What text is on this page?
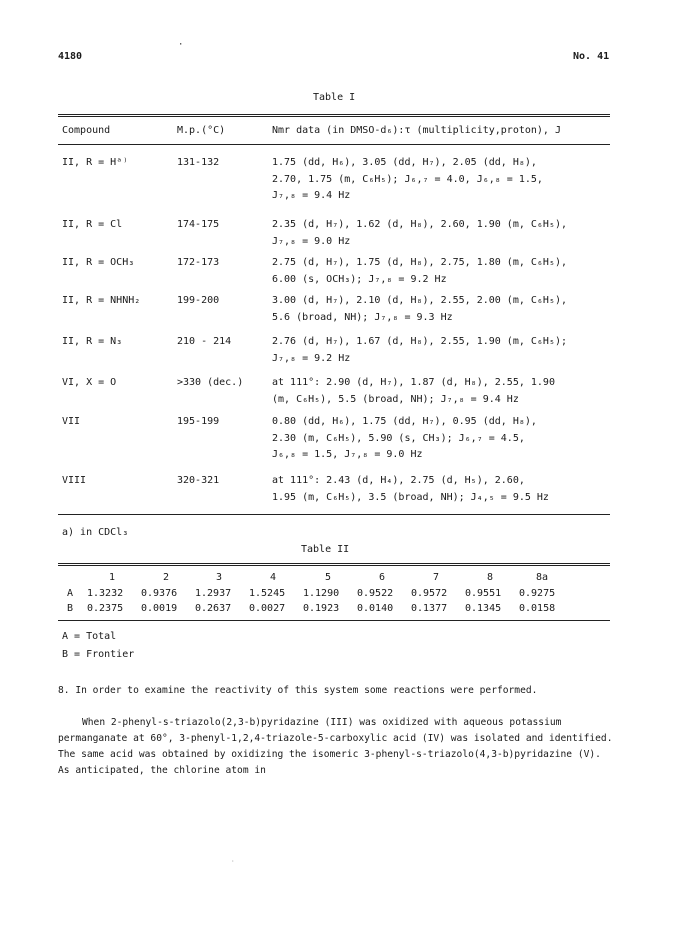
4180
·
No. 41
Table I
Compound	M.p.(°C)	Nmr data (in DMSO-d₆):τ (multiplicity,proton), J
II, R = Hᵃ⁾	131-132	1.75 (dd, H₆), 3.05 (dd, H₇), 2.05 (dd, H₈),
2.70, 1.75 (m, C₆H₅); J₆,₇ = 4.0, J₆,₈ = 1.5,
J₇,₈ = 9.4 Hz
II, R = Cl	174-175	2.35 (d, H₇), 1.62 (d, H₈), 2.60, 1.90 (m, C₆H₅),
J₇,₈ = 9.0 Hz
II, R = OCH₃	172-173	2.75 (d, H₇), 1.75 (d, H₈), 2.75, 1.80 (m, C₆H₅),
6.00 (s, OCH₃); J₇,₈ = 9.2 Hz
II, R = NHNH₂	199-200	3.00 (d, H₇), 2.10 (d, H₈), 2.55, 2.00 (m, C₆H₅),
5.6 (broad, NH); J₇,₈ = 9.3 Hz
II, R = N₃	210 - 214	2.76 (d, H₇), 1.67 (d, H₈), 2.55, 1.90 (m, C₆H₅);
J₇,₈ = 9.2 Hz
VI, X = O	>330 (dec.)	at 111°: 2.90 (d, H₇), 1.87 (d, H₈), 2.55, 1.90
(m, C₆H₅), 5.5 (broad, NH); J₇,₈ = 9.4 Hz
VII	195-199	0.80 (dd, H₆), 1.75 (dd, H₇), 0.95 (dd, H₈),
2.30 (m, C₆H₅), 5.90 (s, CH₃); J₆,₇ = 4.5,
J₆,₈ = 1.5, J₇,₈ = 9.0 Hz
VIII	320-321	at 111°: 2.43 (d, H₄), 2.75 (d, H₅), 2.60,
1.95 (m, C₆H₅), 3.5 (broad, NH); J₄,₅ = 9.5 Hz
a) in CDCl₃
Table II
1	2	3	4	5	6	7	8	8a
A 1.3232 0.9376 1.2937 1.5245 1.1290 0.9522 0.9572 0.9551 0.9275
B 0.2375 0.0019 0.2637 0.0027 0.1923 0.0140 0.1377 0.1345 0.0158
A = Total
B = Frontier
8. In order to examine the reactivity of this system some reactions were performed.
When 2-phenyl-s-triazolo(2,3-b)pyridazine (III) was oxidized with aqueous potassium permanganate at 60°, 3-phenyl-1,2,4-triazole-5-carboxylic acid (IV) was isolated and identified. The same acid was obtained by oxidizing the isomeric 3-phenyl-s-triazolo(4,3-b)pyridazine (V). As anticipated, the chlorine atom in
·
